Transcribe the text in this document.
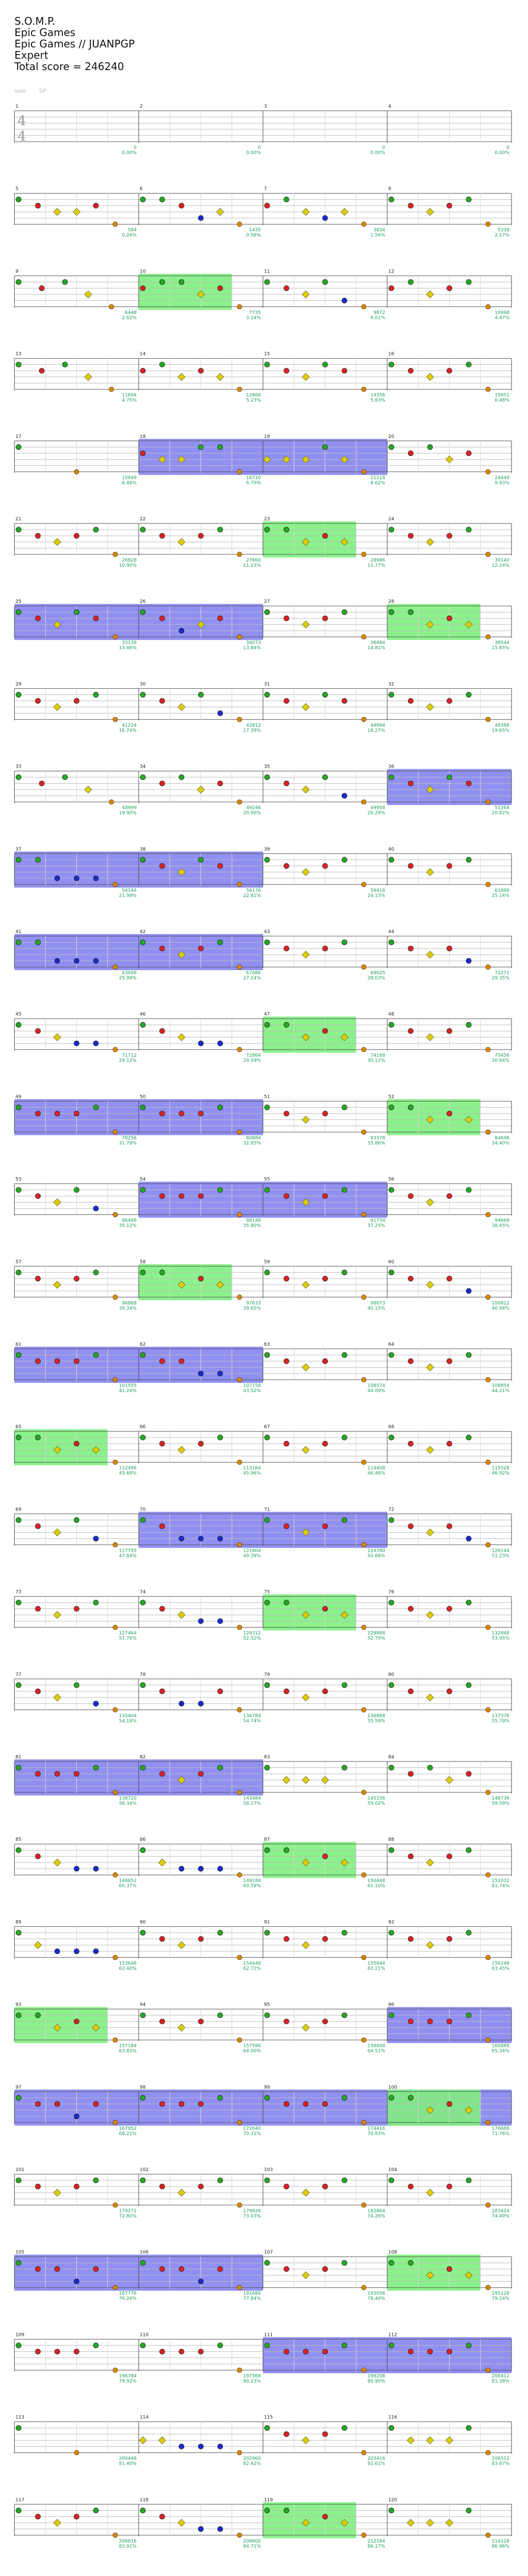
S.O.M.P.
Epic Games
Epic Games // JUANPGP
Expert
Total score = 246240
solo SP
1
0
0.00%
2
0
0.00%
3
0
0.00%
4
0
0.00%
4
4
5
584
0.24%
6
1435
0.58%
7
3834
1.56%
8
5338
2.17%
9
6448
2.62%
10
7735
3.14%
11
9872
4.01%
12
10998
4.47%
13
11694
4.75%
14
12868
5.23%
15
14356
5.83%
16
15951
6.48%
17
15949
6.48%
18
16710
6.79%
19
21218
8.62%
20
24449
9.93%
21
26828
10.90%
22
27660
11.23%
23
28986
11.77%
24
30140
12.24%
25
33138
13.46%
26
34073
13.84%
27
36484
14.81%
28
38544
15.65%
29
41224
16.74%
30
42812
17.39%
31
44994
18.27%
32
48388
19.65%
33
48999
19.90%
34
49246
20.00%
35
49958
20.29%
36
51264
20.82%
37
54144
21.99%
38
56176
22.81%
39
59418
24.13%
40
61899
25.14%
41
63998
25.99%
42
67086
27.24%
43
69025
28.03%
44
72271
29.35%
45
71712
29.12%
46
72864
29.59%
47
74168
30.12%
48
75456
30.64%
49
78256
31.78%
50
80884
32.85%
51
83378
33.86%
52
84698
34.40%
53
86488
35.12%
54
88148
35.80%
55
91734
37.25%
56
94669
38.45%
57
96868
39.34%
58
97633
39.65%
59
98873
40.15%
60
100812
40.94%
61
101555
41.24%
62
107158
43.52%
63
108574
44.09%
64
108854
44.21%
65
112496
45.68%
66
113164
45.96%
67
114408
46.46%
68
115528
46.92%
69
117795
47.84%
70
121604
49.39%
71
124780
50.68%
72
126144
51.23%
73
127464
51.76%
74
129312
52.52%
75
129888
52.75%
76
132848
53.95%
77
133404
54.18%
78
134784
54.74%
79
136888
55.59%
80
137376
55.79%
81
138720
56.34%
82
143484
58.27%
83
145336
59.02%
84
146736
59.59%
85
148652
60.37%
86
149184
60.59%
87
150448
61.10%
88
152032
61.74%
89
153648
62.40%
90
154448
62.72%
91
155644
63.21%
92
156248
63.45%
93
157184
63.83%
94
157596
64.00%
95
158848
64.51%
96
160888
65.34%
97
167952
68.21%
98
172640
70.11%
99
174416
70.83%
100
176688
71.76%
101
179271
72.80%
102
179826
73.03%
103
182864
74.26%
104
183424
74.49%
105
187776
76.26%
106
191680
77.84%
107
193056
78.40%
108
195128
79.24%
109
196784
79.92%
110
197568
80.23%
111
199208
80.90%
112
200412
81.39%
113
200448
81.40%
114
202960
82.42%
115
203416
82.61%
116
206512
83.87%
117
206616
83.91%
118
208600
84.71%
119
212184
86.17%
120
214128
86.96%
